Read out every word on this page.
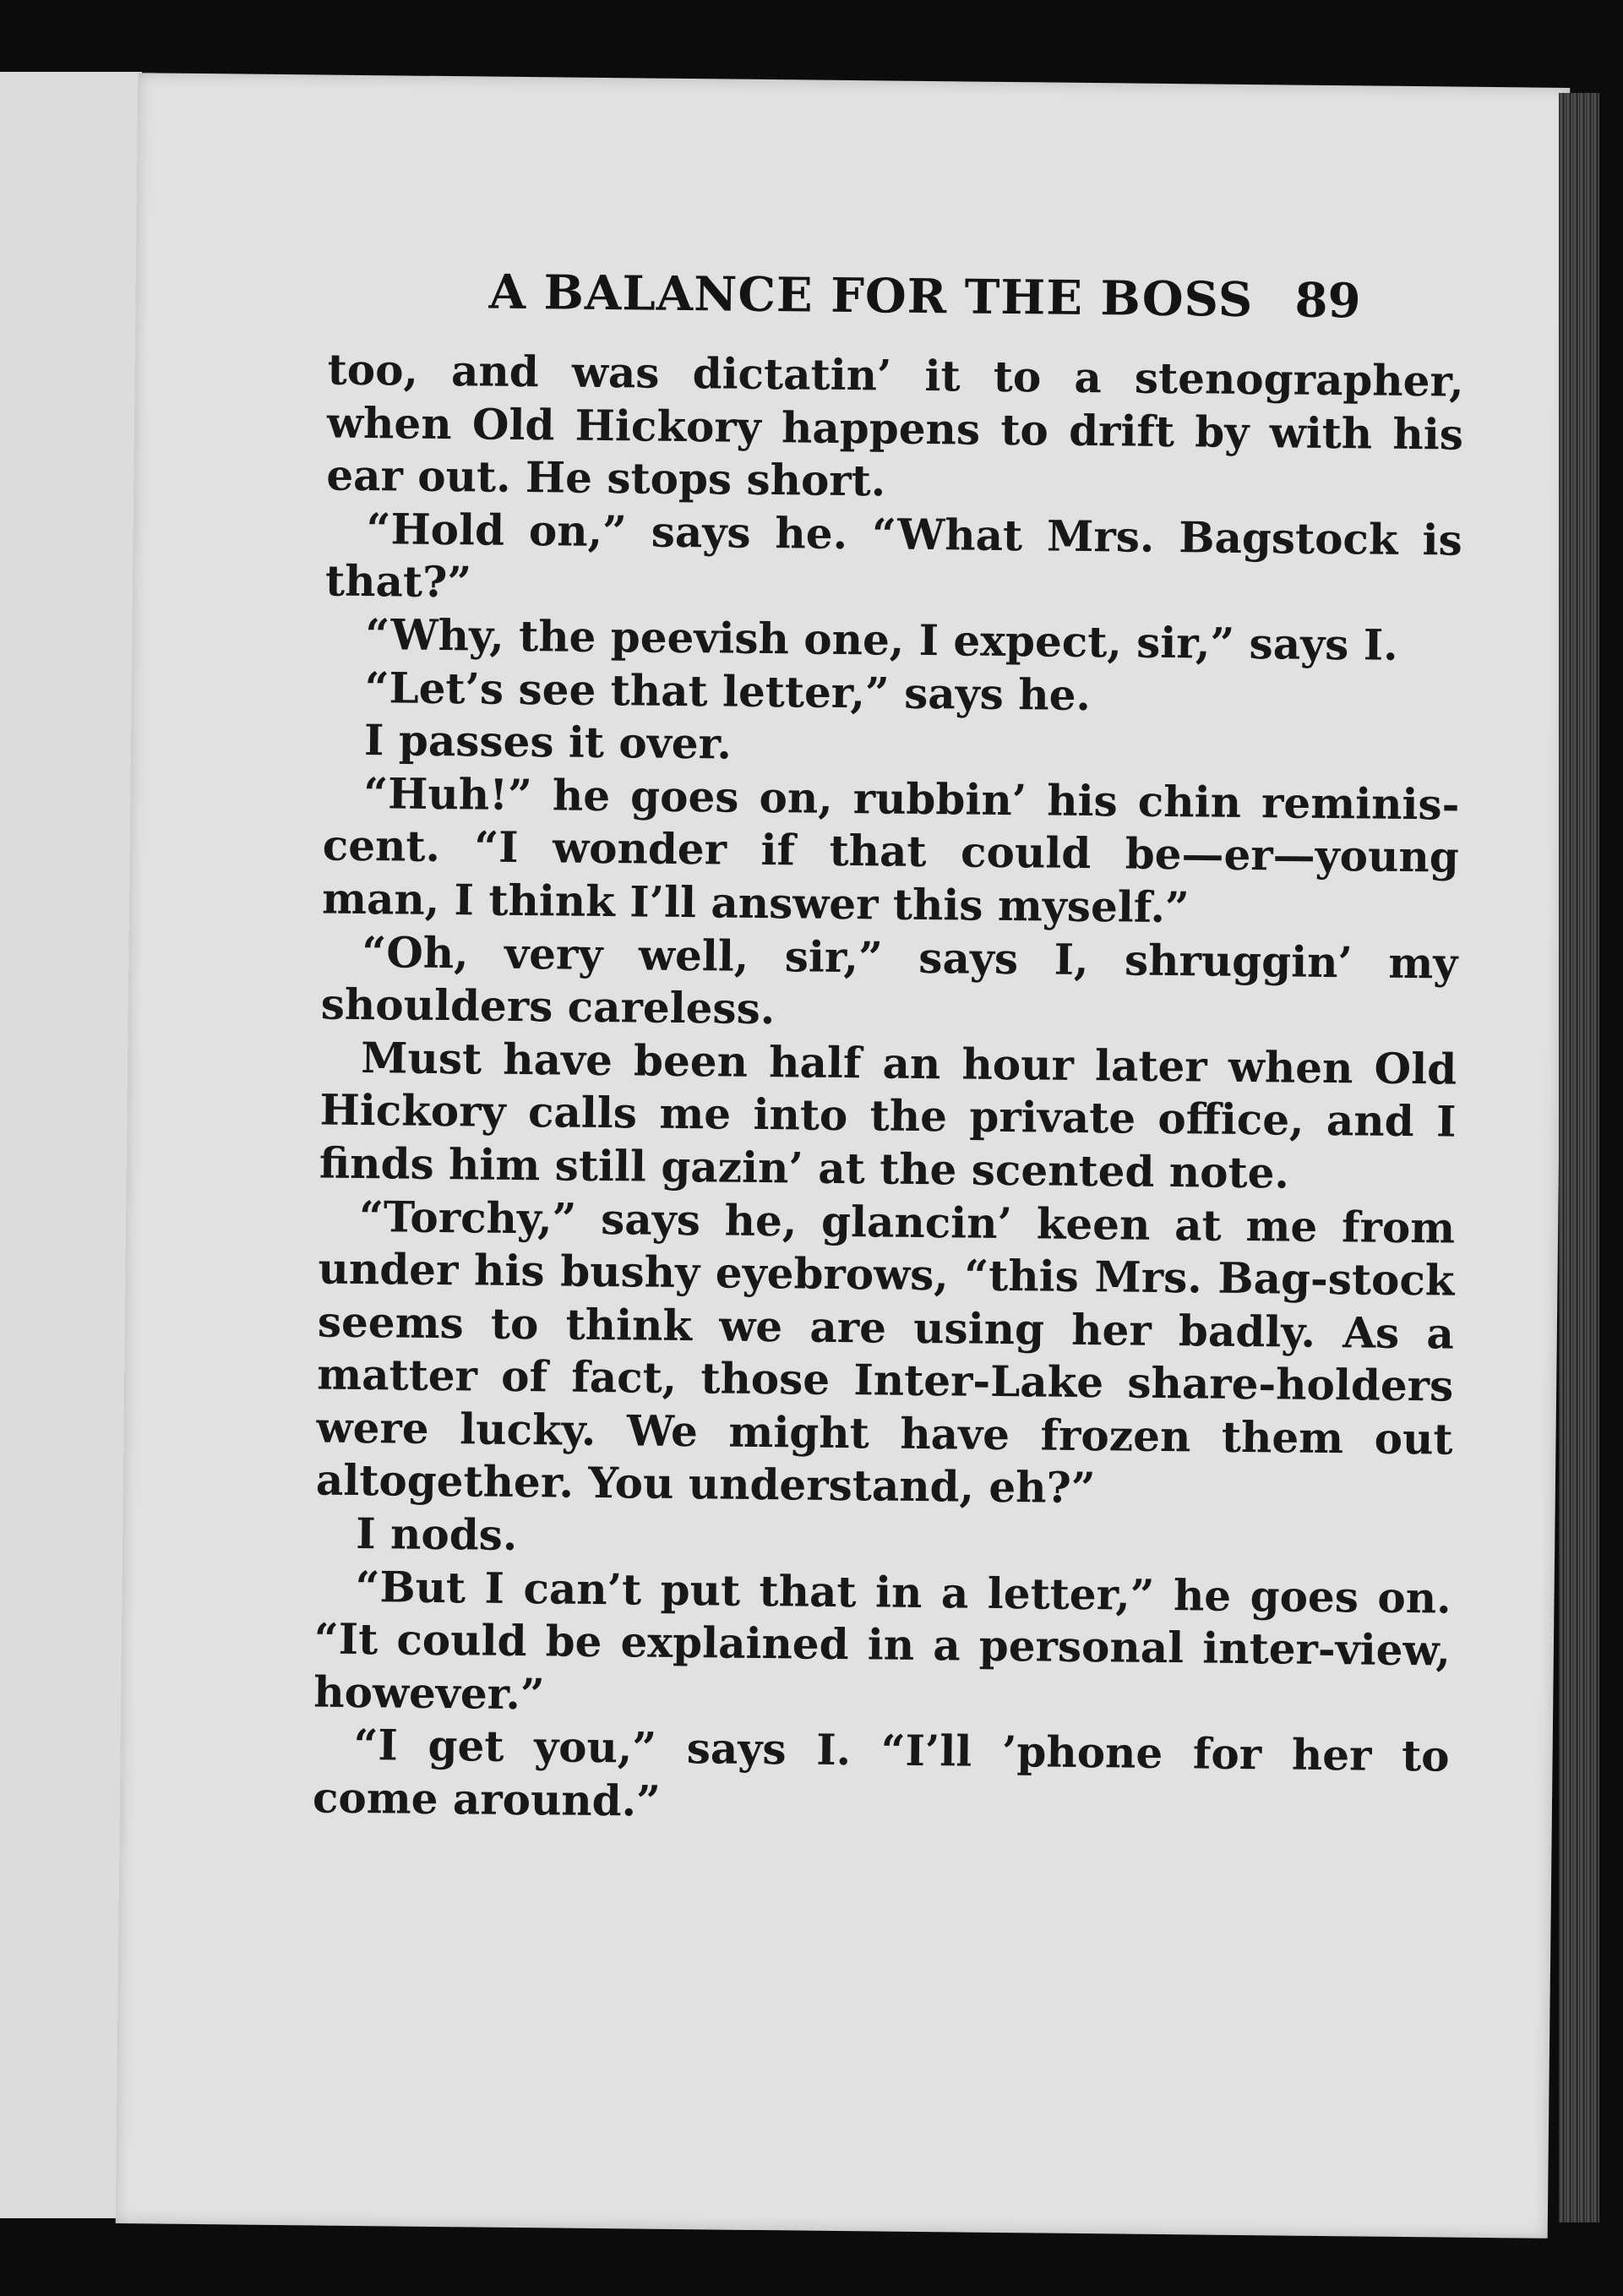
A BALANCE FOR THE BOSS 89

too, and was dictatin’ it to a stenographer, when Old Hickory happens to drift by with his ear out. He stops short.

“Hold on,” says he. “What Mrs. Bagstock is that?”

“Why, the peevish one, I expect, sir,” says I.

“Let’s see that letter,” says he.

I passes it over.

“Huh!” he goes on, rubbin’ his chin reminis-cent. “I wonder if that could be—er—young man, I think I’ll answer this myself.”

“Oh, very well, sir,” says I, shruggin’ my shoulders careless.

Must have been half an hour later when Old Hickory calls me into the private office, and I finds him still gazin’ at the scented note.

“Torchy,” says he, glancin’ keen at me from under his bushy eyebrows, “this Mrs. Bag-stock seems to think we are using her badly. As a matter of fact, those Inter-Lake share-holders were lucky. We might have frozen them out altogether. You understand, eh?”

I nods.

“But I can’t put that in a letter,” he goes on. “It could be explained in a personal inter-view, however.”

“I get you,” says I. “I’ll ’phone for her to come around.”
